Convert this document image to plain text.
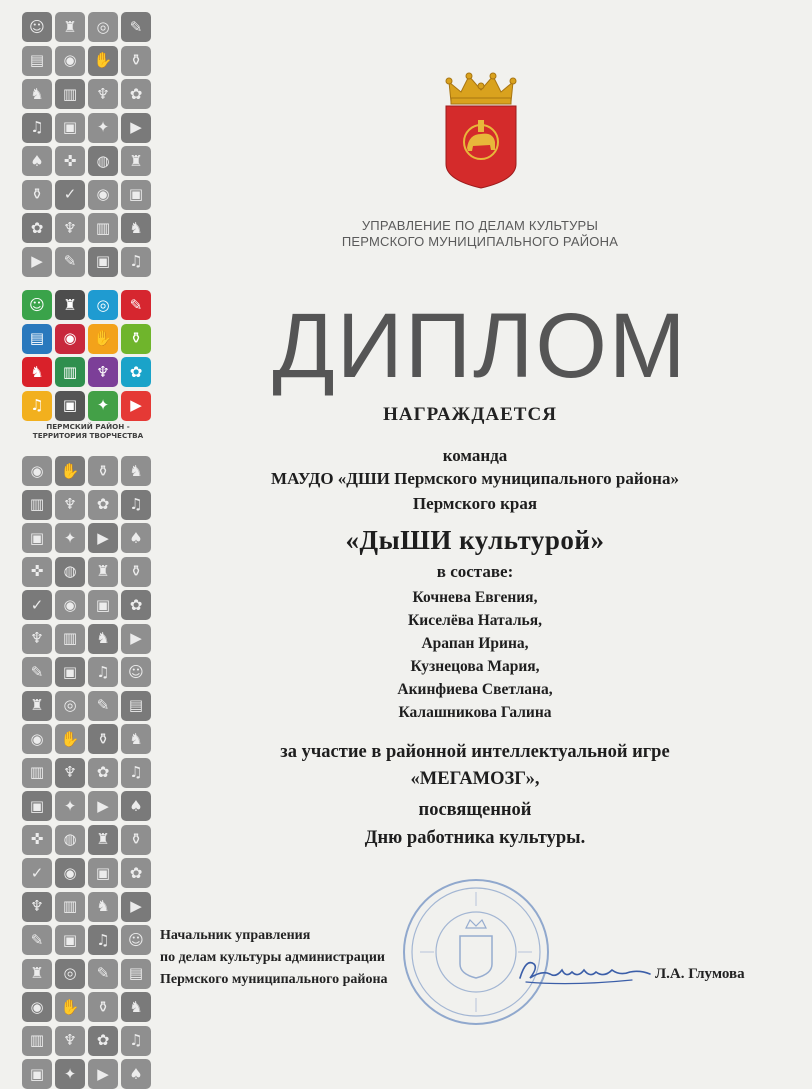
☺	♜	◎	✎
▤	◉	✋	⚱
♞	▥	♆	✿
♫	▣	✦	▶
♠	✜	◍	♜
⚱	✓	◉	▣
✿	♆	▥	♞
▶	✎	▣	♫
☺	♜	◎	✎
▤	◉	✋	⚱
♞	▥	♆	✿
♫	▣	✦	▶
ПЕРМСКИЙ РАЙОН -
ТЕРРИТОРИЯ ТВОРЧЕСТВА
◉	✋	⚱	♞
▥	♆	✿	♫
▣	✦	▶	♠
✜	◍	♜	⚱
✓	◉	▣	✿
♆	▥	♞	▶
✎	▣	♫	☺
♜	◎	✎	▤
◉	✋	⚱	♞
▥	♆	✿	♫
▣	✦	▶	♠
✜	◍	♜	⚱
✓	◉	▣	✿
♆	▥	♞	▶
✎	▣	♫	☺
♜	◎	✎	▤
◉	✋	⚱	♞
▥	♆	✿	♫
▣	✦	▶	♠
УПРАВЛЕНИЕ ПО ДЕЛАМ КУЛЬТУРЫ
ПЕРМСКОГО МУНИЦИПАЛЬНОГО РАЙОНА
ДИПЛОМ
НАГРАЖДАЕТСЯ
команда
МАУДО «ДШИ Пермского муниципального района»
Пермского края
«ДыШИ культурой»
в составе:
Кочнева Евгения,
Киселёва Наталья,
Арапан Ирина,
Кузнецова Мария,
Акинфиева Светлана,
Калашникова Галина
за участие в районной интеллектуальной игре
«МЕГАМОЗГ»,
посвященной
Дню работника культуры.
Начальник управления
по делам культуры администрации
Пермского муниципального района	Л.А. Глумова
